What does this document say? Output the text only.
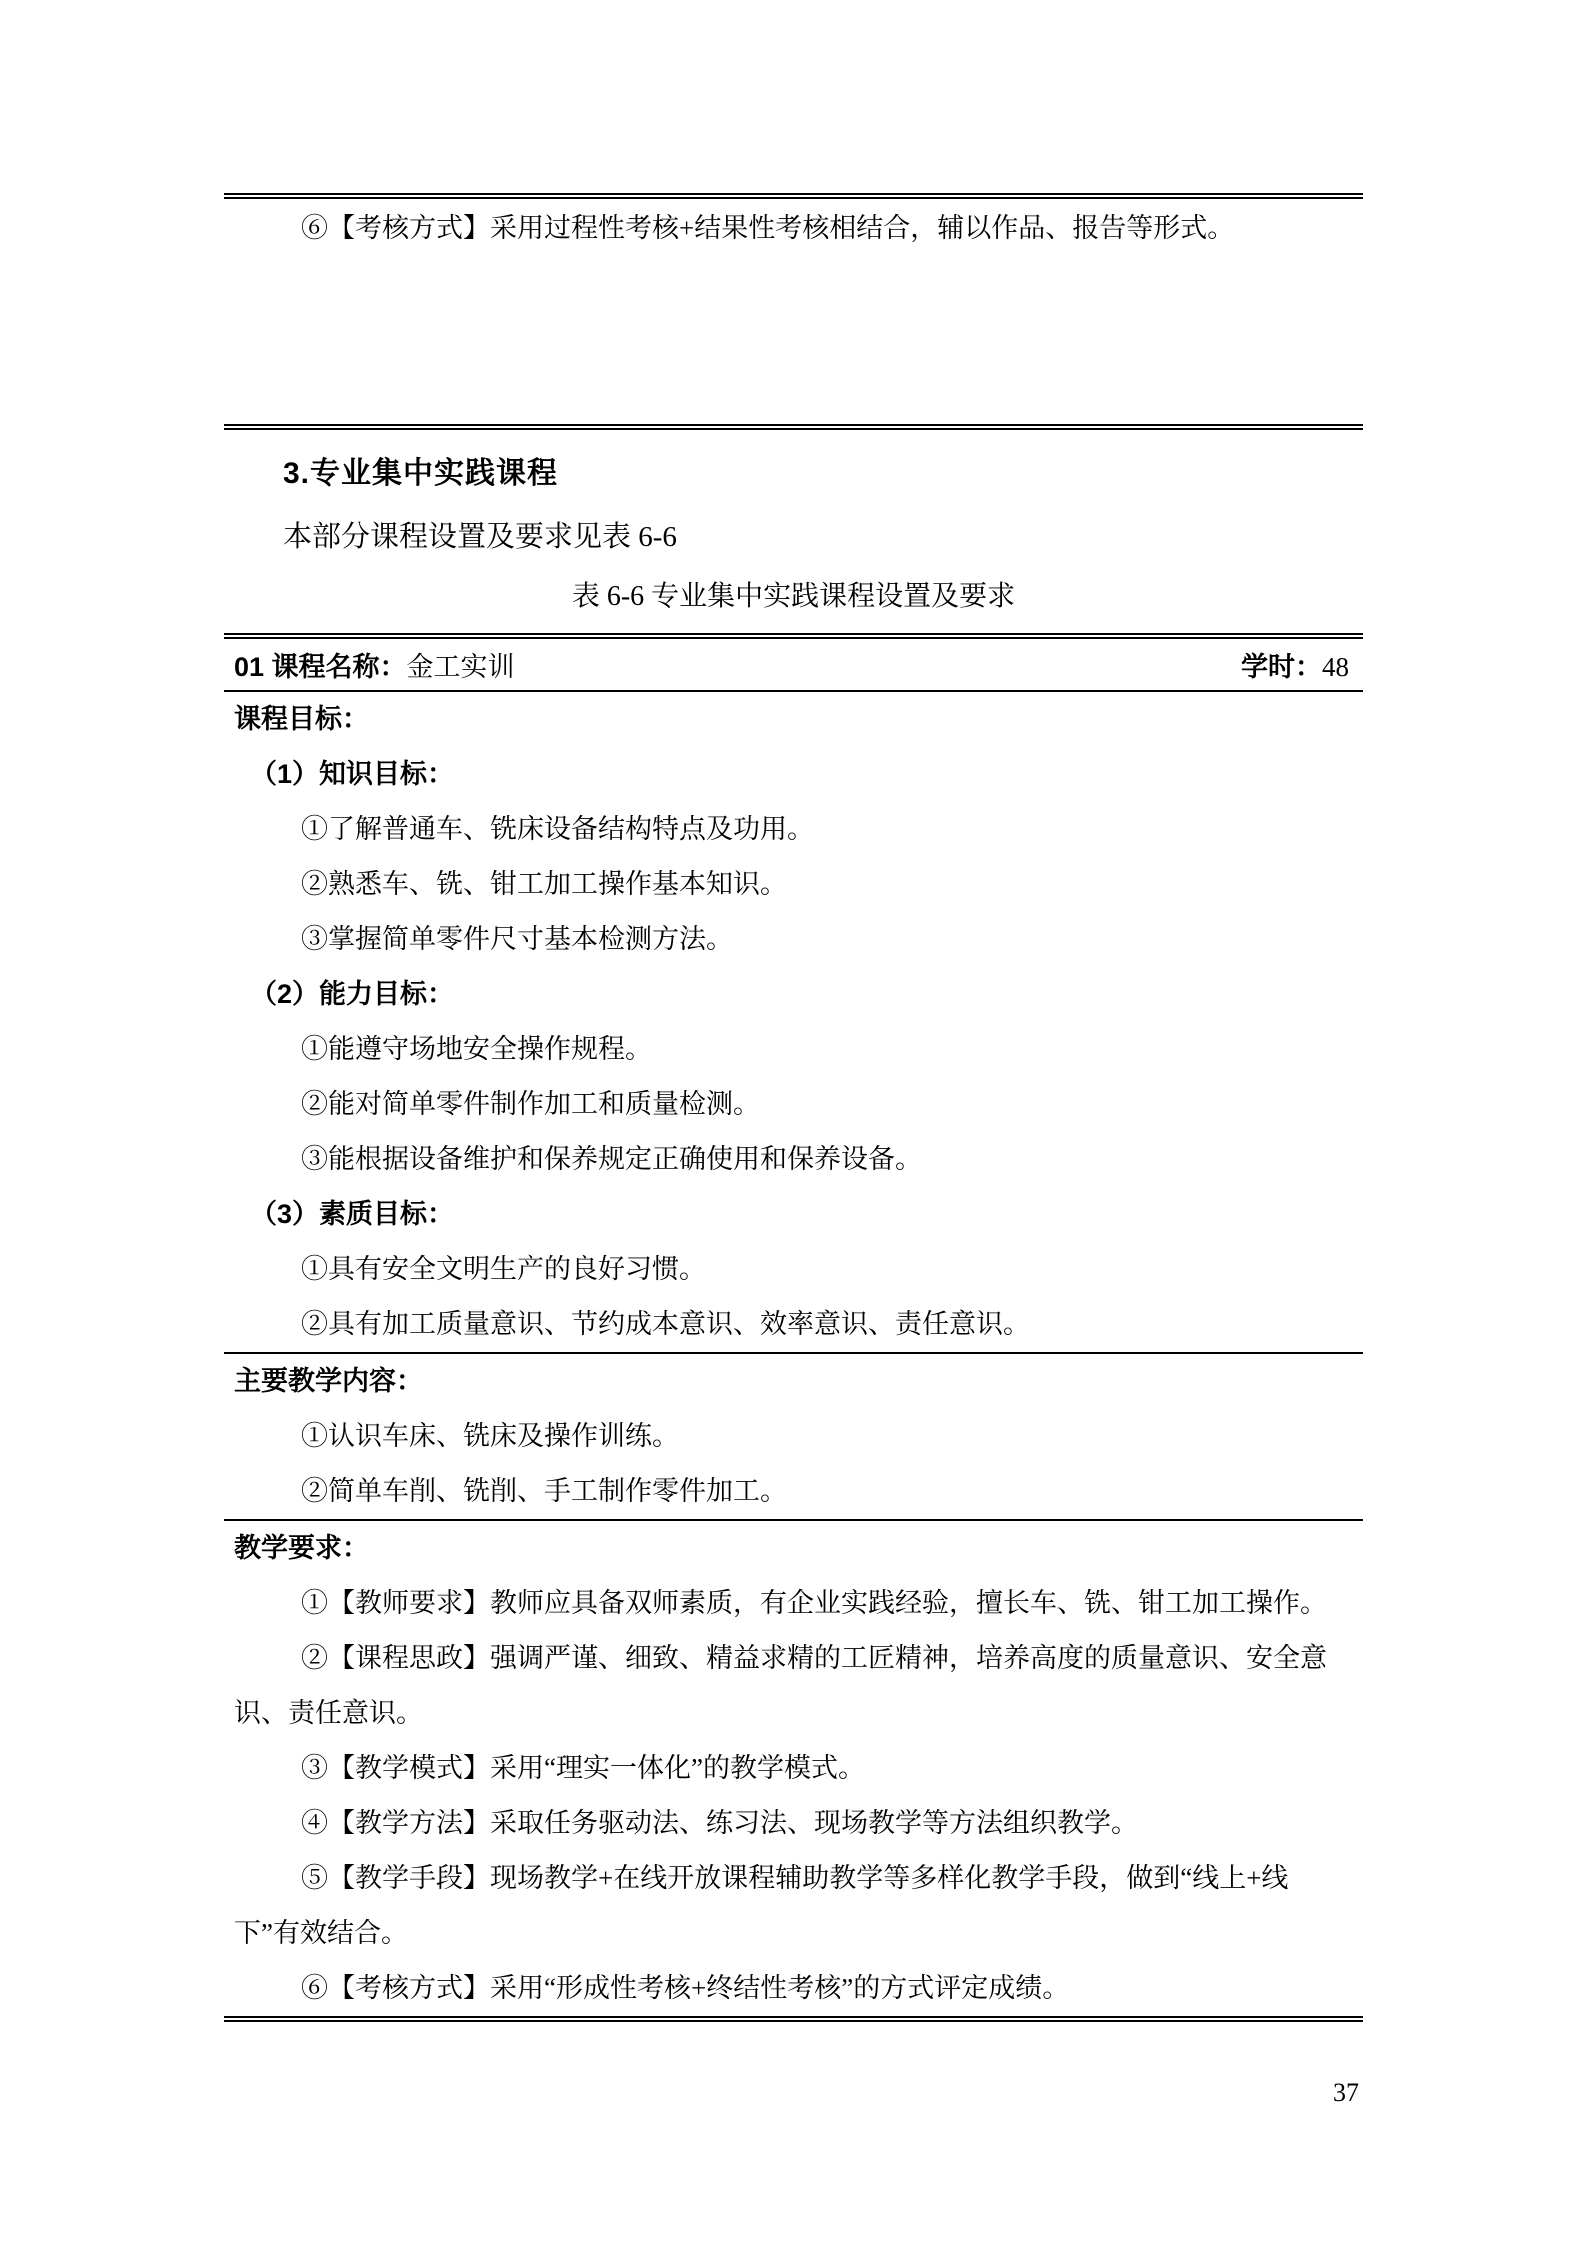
⑥【考核方式】采用过程性考核+结果性考核相结合，辅以作品、报告等形式。

3.专业集中实践课程

本部分课程设置及要求见表 6-6

表 6-6 专业集中实践课程设置及要求

01 课程名称：金工实训	学时：48

课程目标：

（1）知识目标：

①了解普通车、铣床设备结构特点及功用。

②熟悉车、铣、钳工加工操作基本知识。

③掌握简单零件尺寸基本检测方法。

（2）能力目标：

①能遵守场地安全操作规程。

②能对简单零件制作加工和质量检测。

③能根据设备维护和保养规定正确使用和保养设备。

（3）素质目标：

①具有安全文明生产的良好习惯。

②具有加工质量意识、节约成本意识、效率意识、责任意识。

主要教学内容：

①认识车床、铣床及操作训练。

②简单车削、铣削、手工制作零件加工。

教学要求：

①【教师要求】教师应具备双师素质，有企业实践经验，擅长车、铣、钳工加工操作。

②【课程思政】强调严谨、细致、精益求精的工匠精神，培养高度的质量意识、安全意识、责任意识。

③【教学模式】采用“理实一体化”的教学模式。

④【教学方法】采取任务驱动法、练习法、现场教学等方法组织教学。

⑤【教学手段】现场教学+在线开放课程辅助教学等多样化教学手段，做到“线上+线下”有效结合。

⑥【考核方式】采用“形成性考核+终结性考核”的方式评定成绩。

37
